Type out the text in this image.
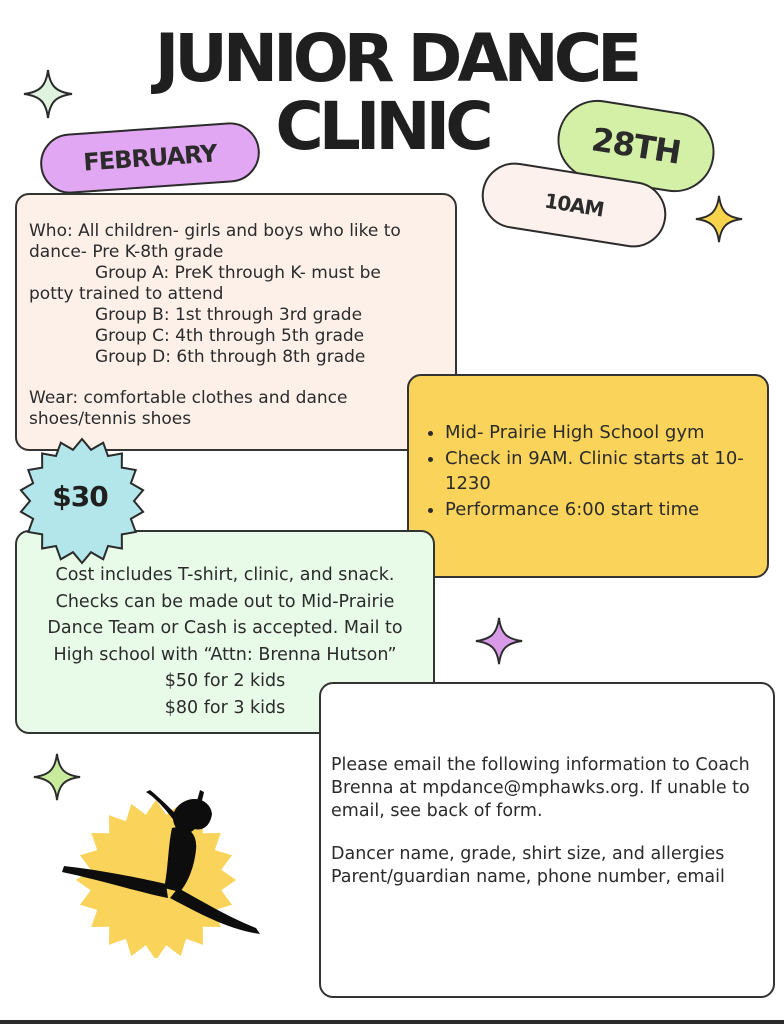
JUNIOR DANCE
CLINIC
FEBRUARY	28TH
10AM

Who: All children- girls and boys who like to dance- Pre K-8th grade

Group A: PreK through K- must be

potty trained to attend

Group B: 1st through 3rd grade

Group C: 4th through 5th grade

Group D: 6th through 8th grade

Wear: comfortable clothes and dance shoes/tennis shoes

• Mid- Prairie High School gym
• Check in 9AM. Clinic starts at 10-1230
• Performance 6:00 start time

Cost includes T-shirt, clinic, and snack.

Checks can be made out to Mid-Prairie

Dance Team or Cash is accepted. Mail to

High school with “Attn: Brenna Hutson”

$50 for 2 kids

$80 for 3 kids

$30

Please email the following information to Coach Brenna at mpdance@mphawks.org. If unable to email, see back of form.

Dancer name, grade, shirt size, and allergies

Parent/guardian name, phone number, email
